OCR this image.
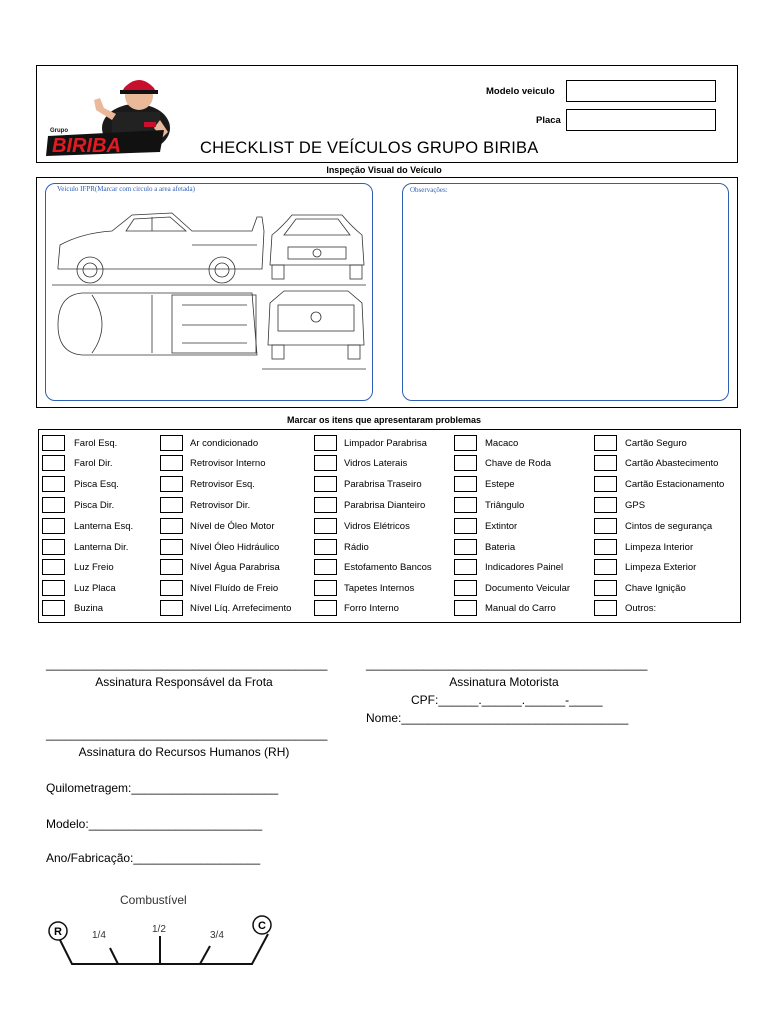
BIRIBA
Grupo
Modelo veiculo
Placa
CHECKLIST DE VEÍCULOS GRUPO BIRIBA
Inspeção Visual do Veículo
Veiculo IFPR(Marcar com circulo a area afetada)	Observações:
Marcar os itens que apresentaram problemas
Farol Esq.
Farol Dir.
Pisca Esq.
Pisca Dir.
Lanterna Esq.
Lanterna Dir.
Luz Freio
Luz Placa
Buzina
Ar condicionado
Retrovisor Interno
Retrovisor Esq.
Retrovisor Dir.
Nível de Óleo Motor
Nível Óleo Hidráulico
Nível Água Parabrisa
Nível Fluído de Freio
Nível Líq. Arrefecimento
Limpador Parabrisa
Vidros Laterais
Parabrisa Traseiro
Parabrisa Dianteiro
Vidros Elétricos
Rádio
Estofamento Bancos
Tapetes Internos
Forro Interno
Macaco
Chave de Roda
Estepe
Triângulo
Extintor
Bateria
Indicadores Painel
Documento Veicular
Manual do Carro
Cartão Seguro
Cartão Abastecimento
Cartão Estacionamento
GPS
Cintos de segurança
Limpeza Interior
Limpeza Exterior
Chave Ignição
Outros:
____________________________________________
Assinatura Responsável da Frota
____________________________________________
Assinatura Motorista
CPF:______.______.______-_____
Nome:__________________________________
____________________________________________
Assinatura do Recursos Humanos (RH)
Quilometragem:______________________
Modelo:__________________________
Ano/Fabricação:___________________
Combustível
R	C
1/4
1/2
3/4
